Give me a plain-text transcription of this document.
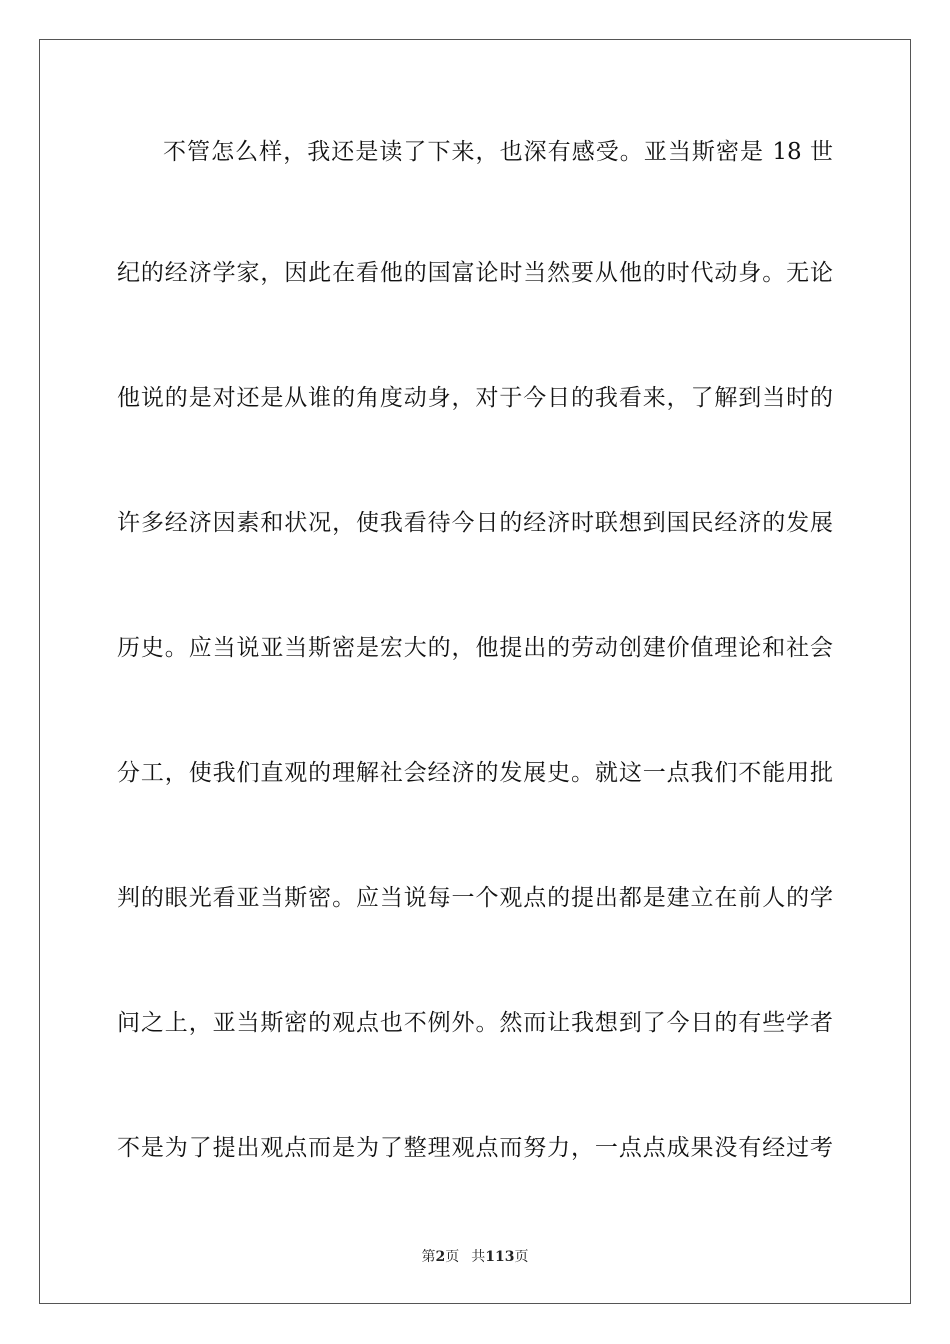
不管怎么样，我还是读了下来，也深有感受。亚当斯密是 18 世
纪的经济学家，因此在看他的国富论时当然要从他的时代动身。无论
他说的是对还是从谁的角度动身，对于今日的我看来，了解到当时的
许多经济因素和状况，使我看待今日的经济时联想到国民经济的发展
历史。应当说亚当斯密是宏大的，他提出的劳动创建价值理论和社会
分工，使我们直观的理解社会经济的发展史。就这一点我们不能用批
判的眼光看亚当斯密。应当说每一个观点的提出都是建立在前人的学
问之上，亚当斯密的观点也不例外。然而让我想到了今日的有些学者
不是为了提出观点而是为了整理观点而努力，一点点成果没有经过考
第2页 共113页
